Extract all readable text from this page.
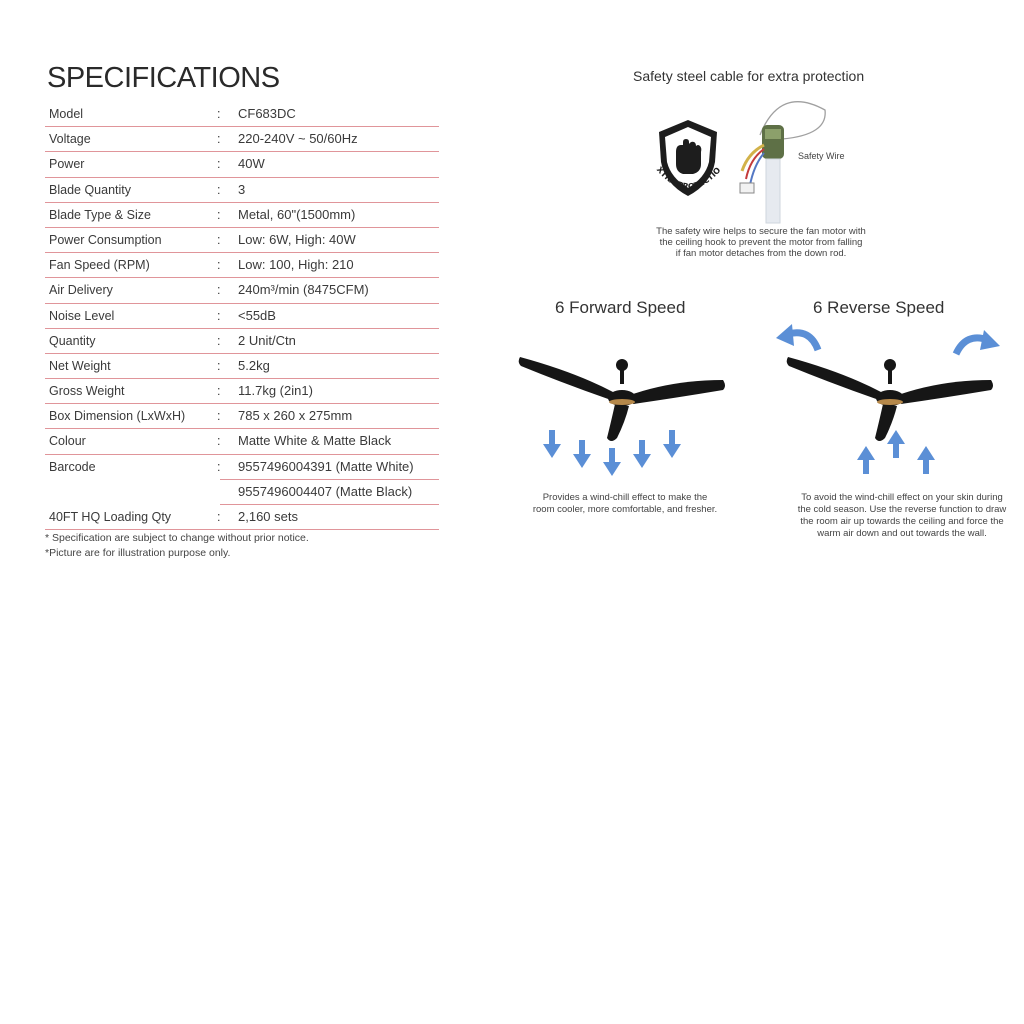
SPECIFICATIONS
Model	: CF683DC
Voltage	: 220-240V ~ 50/60Hz
Power	: 40W
Blade Quantity	: 3
Blade Type & Size	: Metal, 60"(1500mm)
Power Consumption	: Low: 6W, High: 40W
Fan Speed (RPM)	: Low: 100, High: 210
Air Delivery	: 240m³/min (8475CFM)
Noise Level	: <55dB
Quantity	: 2 Unit/Ctn
Net Weight	: 5.2kg
Gross Weight	: 11.7kg (2in1)
Box Dimension (LxWxH)	: 785 x 260 x 275mm
Colour	: Matte White & Matte Black
Barcode	: 9557496004391 (Matte White)
9557496004407 (Matte Black)
40FT HQ Loading Qty	: 2,160 sets
* Specification are subject to change without prior notice.
*Picture are for illustration purpose only.
Safety steel cable for extra protection
EXTRA PROTECTION
Safety Wire
The safety wire helps to secure the fan motor with
the ceiling hook to prevent the motor from falling
if fan motor detaches from the down rod.
6 Forward Speed
Provides a wind-chill effect to make the
room cooler, more comfortable, and fresher.
6 Reverse Speed
To avoid the wind-chill effect on your skin during
the cold season. Use the reverse function to draw
the room air up towards the ceiling and force the
warm air down and out towards the wall.
